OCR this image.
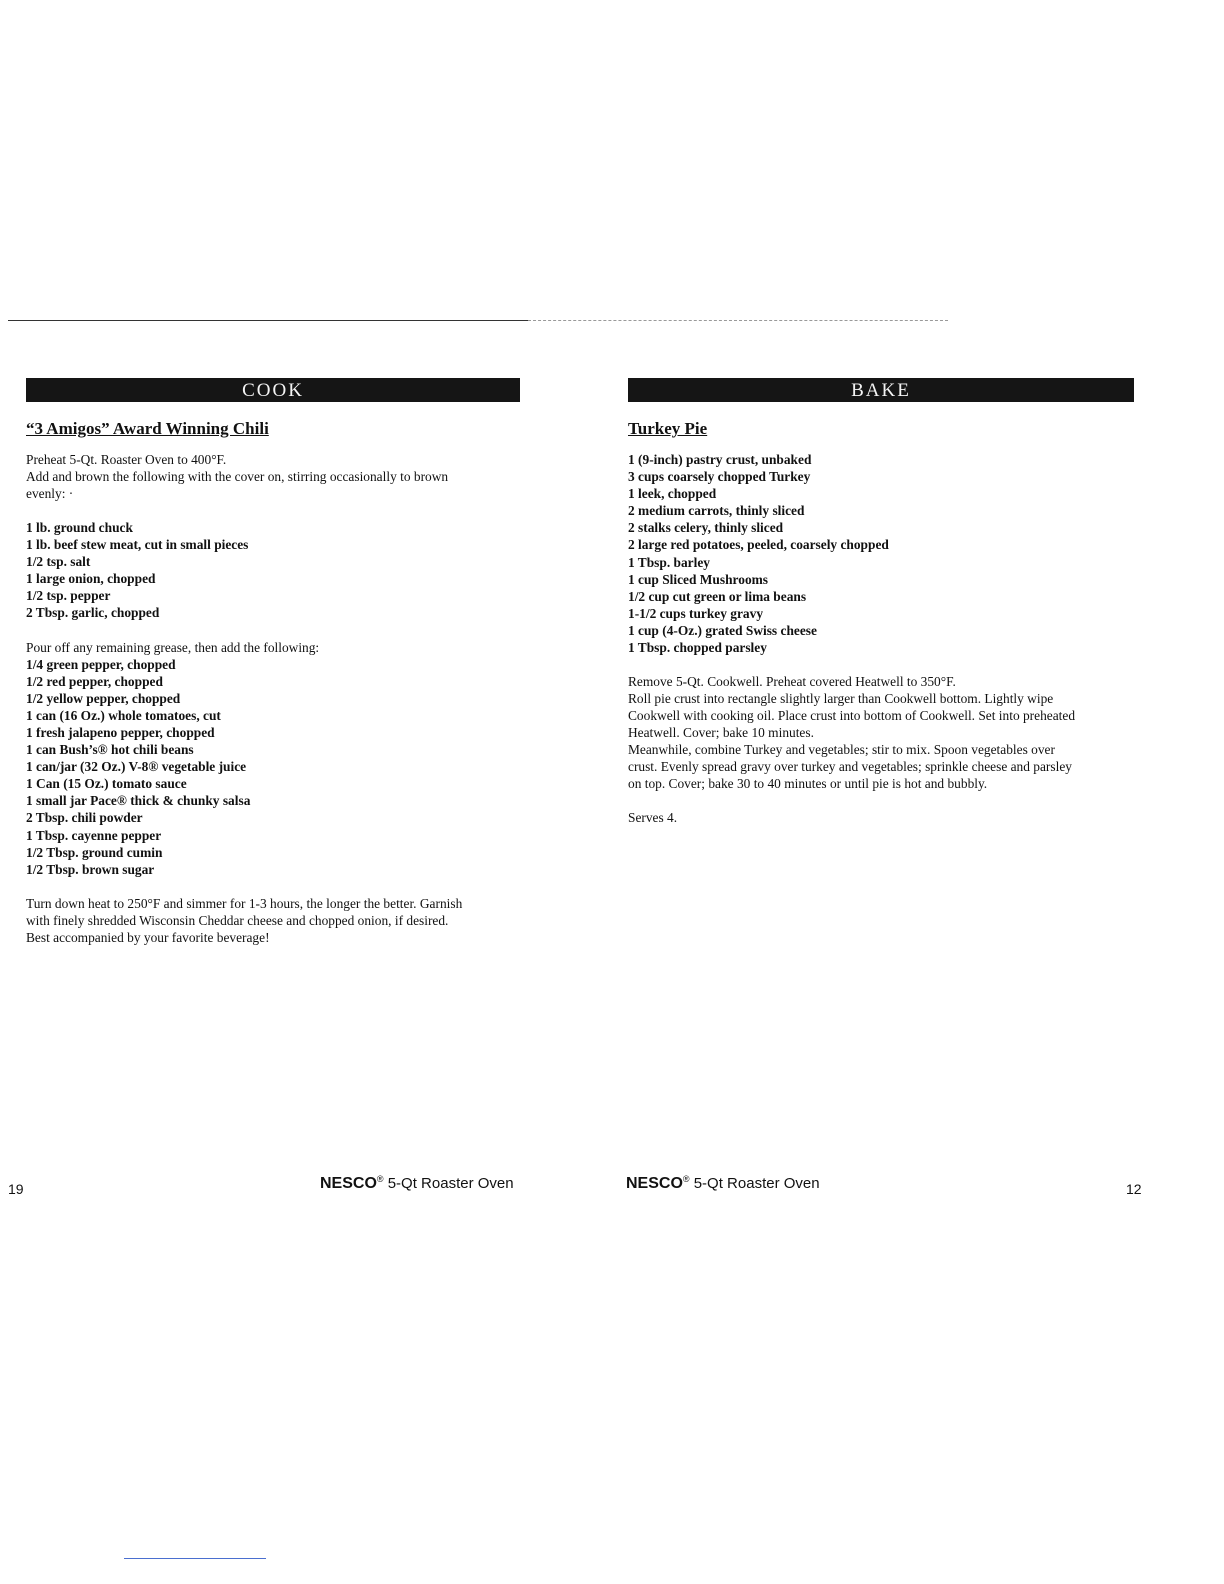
COOK
“3 Amigos” Award Winning Chili

Preheat 5-Qt. Roaster Oven to 400°F.

Add and brown the following with the cover on, stirring occasionally to brown

evenly: ·

1 lb. ground chuck

1 lb. beef stew meat, cut in small pieces

1/2 tsp. salt

1 large onion, chopped

1/2 tsp. pepper

2 Tbsp. garlic, chopped

Pour off any remaining grease, then add the following:

1/4 green pepper, chopped

1/2 red pepper, chopped

1/2 yellow pepper, chopped

1 can (16 Oz.) whole tomatoes, cut

1 fresh jalapeno pepper, chopped

1 can Bush’s® hot chili beans

1 can/jar (32 Oz.) V-8® vegetable juice

1 Can (15 Oz.) tomato sauce

1 small jar Pace® thick & chunky salsa

2 Tbsp. chili powder

1 Tbsp. cayenne pepper

1/2 Tbsp. ground cumin

1/2 Tbsp. brown sugar

Turn down heat to 250°F and simmer for 1-3 hours, the longer the better. Garnish

with finely shredded Wisconsin Cheddar cheese and chopped onion, if desired.

Best accompanied by your favorite beverage!

BAKE
Turkey Pie

1 (9-inch) pastry crust, unbaked

3 cups coarsely chopped Turkey

1 leek, chopped

2 medium carrots, thinly sliced

2 stalks celery, thinly sliced

2 large red potatoes, peeled, coarsely chopped

1 Tbsp. barley

1 cup Sliced Mushrooms

1/2 cup cut green or lima beans

1-1/2 cups turkey gravy

1 cup (4-Oz.) grated Swiss cheese

1 Tbsp. chopped parsley

Remove 5-Qt. Cookwell. Preheat covered Heatwell to 350°F.

Roll pie crust into rectangle slightly larger than Cookwell bottom. Lightly wipe

Cookwell with cooking oil. Place crust into bottom of Cookwell. Set into preheated

Heatwell. Cover; bake 10 minutes.

Meanwhile, combine Turkey and vegetables; stir to mix. Spoon vegetables over

crust. Evenly spread gravy over turkey and vegetables; sprinkle cheese and parsley

on top. Cover; bake 30 to 40 minutes or until pie is hot and bubbly.

Serves 4.

19	NESCO® 5-Qt Roaster Oven	NESCO® 5-Qt Roaster Oven	12
